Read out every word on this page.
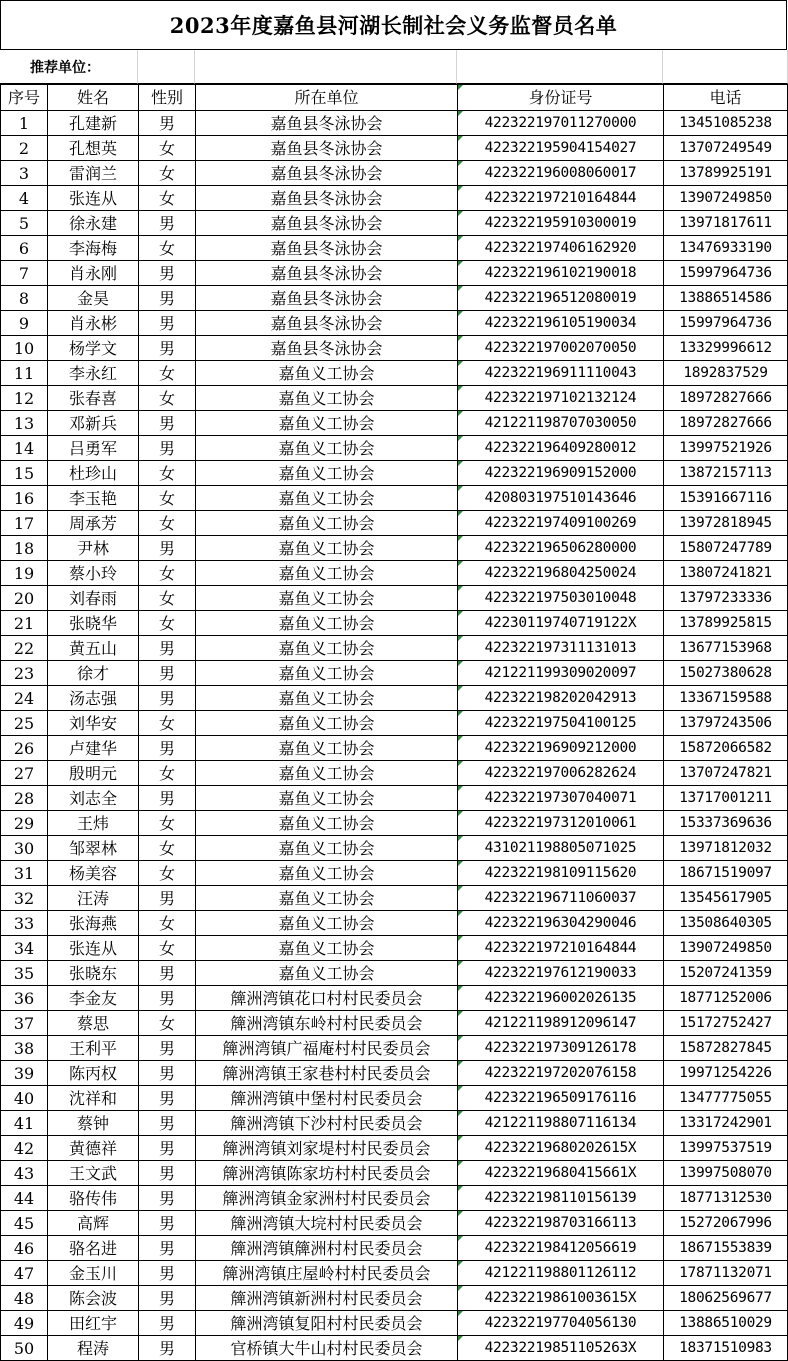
2023年度嘉鱼县河湖长制社会义务监督员名单
推荐单位：
序号	姓名	性别	所在单位	身份证号	电话
1	孔建新	男	嘉鱼县冬泳协会	422322197011270000	13451085238
2	孔想英	女	嘉鱼县冬泳协会	422322195904154027	13707249549
3	雷润兰	女	嘉鱼县冬泳协会	422322196008060017	13789925191
4	张连从	女	嘉鱼县冬泳协会	422322197210164844	13907249850
5	徐永建	男	嘉鱼县冬泳协会	422322195910300019	13971817611
6	李海梅	女	嘉鱼县冬泳协会	422322197406162920	13476933190
7	肖永刚	男	嘉鱼县冬泳协会	422322196102190018	15997964736
8	金昊	男	嘉鱼县冬泳协会	422322196512080019	13886514586
9	肖永彬	男	嘉鱼县冬泳协会	422322196105190034	15997964736
10	杨学文	男	嘉鱼县冬泳协会	422322197002070050	13329996612
11	李永红	女	嘉鱼义工协会	422322196911110043	1892837529
12	张春喜	女	嘉鱼义工协会	422322197102132124	18972827666
13	邓新兵	男	嘉鱼义工协会	421221198707030050	18972827666
14	吕勇军	男	嘉鱼义工协会	422322196409280012	13997521926
15	杜珍山	女	嘉鱼义工协会	422322196909152000	13872157113
16	李玉艳	女	嘉鱼义工协会	420803197510143646	15391667116
17	周承芳	女	嘉鱼义工协会	422322197409100269	13972818945
18	尹林	男	嘉鱼义工协会	422322196506280000	15807247789
19	蔡小玲	女	嘉鱼义工协会	422322196804250024	13807241821
20	刘春雨	女	嘉鱼义工协会	422322197503010048	13797233336
21	张晓华	女	嘉鱼义工协会	42230119740719122X	13789925815
22	黄五山	男	嘉鱼义工协会	422322197311131013	13677153968
23	徐才	男	嘉鱼义工协会	421221199309020097	15027380628
24	汤志强	男	嘉鱼义工协会	422322198202042913	13367159588
25	刘华安	女	嘉鱼义工协会	422322197504100125	13797243506
26	卢建华	男	嘉鱼义工协会	422322196909212000	15872066582
27	殷明元	女	嘉鱼义工协会	422322197006282624	13707247821
28	刘志全	男	嘉鱼义工协会	422322197307040071	13717001211
29	王炜	女	嘉鱼义工协会	422322197312010061	15337369636
30	邹翠林	女	嘉鱼义工协会	431021198805071025	13971812032
31	杨美容	女	嘉鱼义工协会	422322198109115620	18671519097
32	汪涛	男	嘉鱼义工协会	422322196711060037	13545617905
33	张海燕	女	嘉鱼义工协会	422322196304290046	13508640305
34	张连从	女	嘉鱼义工协会	422322197210164844	13907249850
35	张晓东	男	嘉鱼义工协会	422322197612190033	15207241359
36	李金友	男	簰洲湾镇花口村村民委员会	422322196002026135	18771252006
37	蔡思	女	簰洲湾镇东岭村村民委员会	421221198912096147	15172752427
38	王利平	男	簰洲湾镇广福庵村村民委员会	422322197309126178	15872827845
39	陈丙权	男	簰洲湾镇王家巷村村民委员会	422322197202076158	19971254226
40	沈祥和	男	簰洲湾镇中堡村村民委员会	422322196509176116	13477775055
41	蔡钟	男	簰洲湾镇下沙村村民委员会	421221198807116134	13317242901
42	黄德祥	男	簰洲湾镇刘家堤村村民委员会	42232219680202615X	13997537519
43	王文武	男	簰洲湾镇陈家坊村村民委员会	42232219680415661X	13997508070
44	骆传伟	男	簰洲湾镇金家洲村村民委员会	422322198110156139	18771312530
45	高辉	男	簰洲湾镇大垸村村民委员会	422322198703166113	15272067996
46	骆名进	男	簰洲湾镇簰洲村村民委员会	422322198412056619	18671553839
47	金玉川	男	簰洲湾镇庄屋岭村村民委员会	421221198801126112	17871132071
48	陈会波	男	簰洲湾镇新洲村村民委员会	42232219861003615X	18062569677
49	田红宇	男	簰洲湾镇复阳村村民委员会	422322197704056130	13886510029
50	程涛	男	官桥镇大牛山村村民委员会	42232219851105263X	18371510983
